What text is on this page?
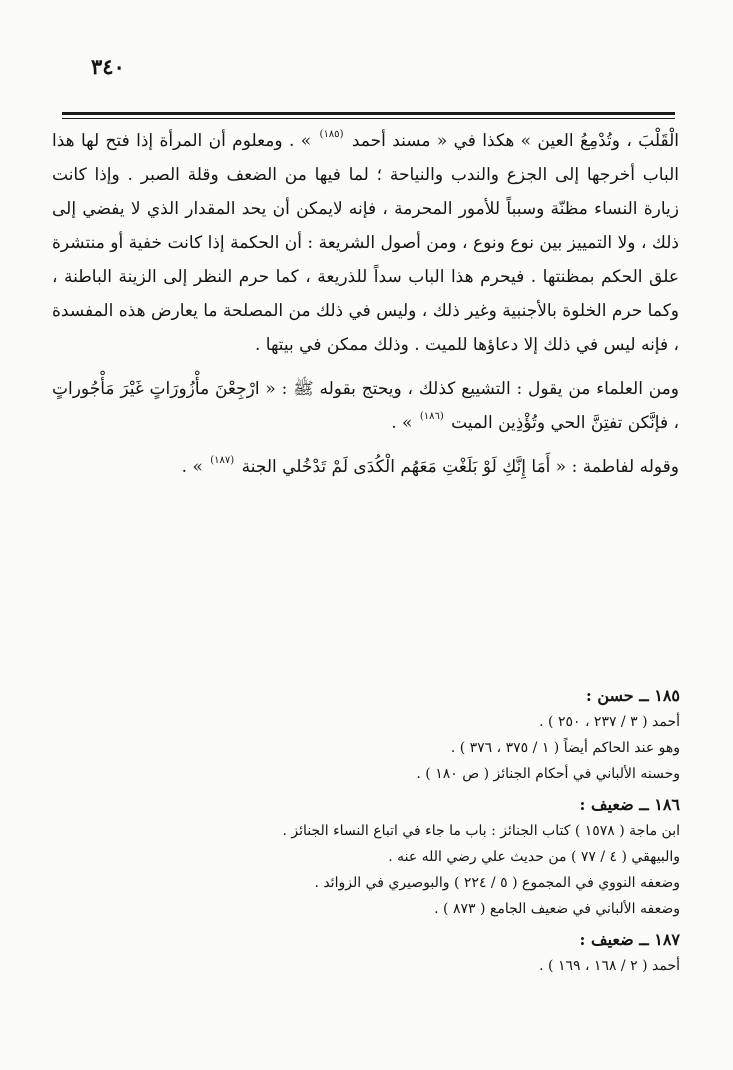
٣٤٠

الْقَلْبَ ، وتُدْمِعُ العين » هكذا في « مسند أحمد (١٨٥) » . ومعلوم أن المرأة إذا فتح لها هذا الباب أخرجها إلى الجزع والندب والنياحة ؛ لما فيها من الضعف وقلة الصبر . وإذا كانت زيارة النساء مظنّة وسبباً للأمور المحرمة ، فإنه لايمكن أن يحد المقدار الذي لا يفضي إلى ذلك ، ولا التمييز بين نوع ونوع ، ومن أصول الشريعة : أن الحكمة إذا كانت خفية أو منتشرة علق الحكم بمظنتها . فيحرم هذا الباب سداً للذريعة ، كما حرم النظر إلى الزينة الباطنة ، وكما حرم الخلوة بالأجنبية وغير ذلك ، وليس في ذلك من المصلحة ما يعارض هذه المفسدة ، فإنه ليس في ذلك إلا دعاؤها للميت . وذلك ممكن في بيتها .

ومن العلماء من يقول : التشييع كذلك ، ويحتج بقوله ﷺ : « ارْجِعْنَ مأْزُورَاتٍ غَيْرَ مَأْجُوراتٍ ، فإنَّكن تفتِنَّ الحي وتُؤْذِين الميت (١٨٦) » .

وقوله لفاطمة : « أَمَا إِنَّكِ لَوْ بَلَغْتِ مَعَهُم الْكُدَى لَمْ تَدْخُلي الجنة (١٨٧) » .

١٨٥ ــ حسن :
أحمد ( ٣ / ٢٣٧ ، ٢٥٠ ) .
وهو عند الحاكم أيضاً ( ١ / ٣٧٥ ، ٣٧٦ ) .
وحسنه الألباني في أحكام الجنائز ( ص ١٨٠ ) .
١٨٦ ــ ضعيف :
ابن ماجة ( ١٥٧٨ ) كتاب الجنائز : باب ما جاء في اتباع النساء الجنائز .
والبيهقي ( ٤ / ٧٧ ) من حديث علي رضي الله عنه .
وضعفه النووي في المجموع ( ٥ / ٢٢٤ ) والبوصيري في الزوائد .
وضعفه الألباني في ضعيف الجامع ( ٨٧٣ ) .
١٨٧ ــ ضعيف :
أحمد ( ٢ / ١٦٨ ، ١٦٩ ) .
